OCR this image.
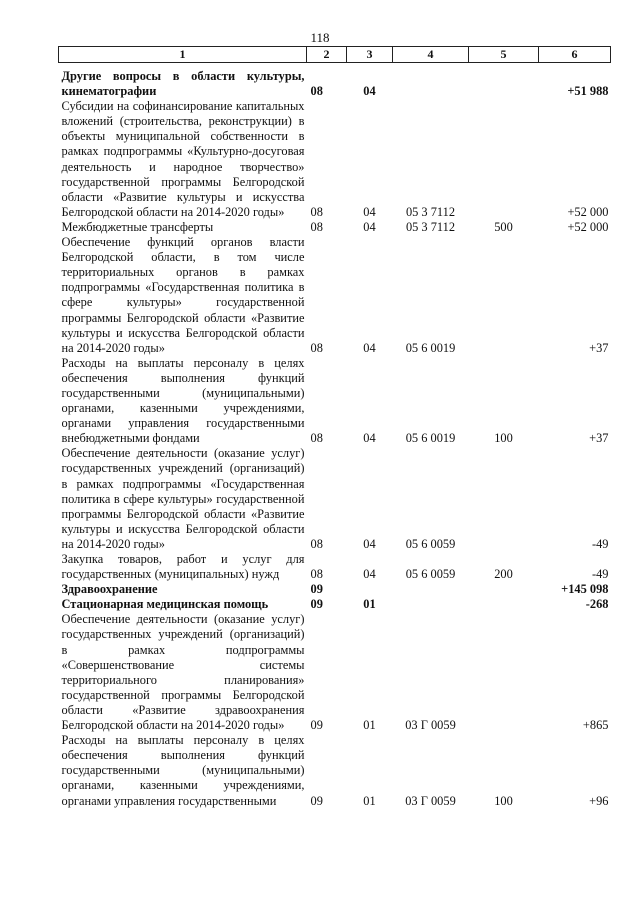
118
1	2	3	4	5	6
Другие вопросы в области культуры, кинематографии	08	04			+51 988
Субсидии на софинансирование капитальных вложений (строительства, реконструкции) в объекты муниципальной собственности в рамках подпрограммы «Культурно-досуговая деятельность и народное творчество» государственной программы Белгородской области «Развитие культуры и искусства Белгородской области на 2014-2020 годы»	08	04	05 3 7112		+52 000
Межбюджетные трансферты	08	04	05 3 7112	500	+52 000
Обеспечение функций органов власти Белгородской области, в том числе территориальных органов в рамках подпрограммы «Государственная политика в сфере культуры» государственной программы Белгородской области «Развитие культуры и искусства Белгородской области на 2014-2020 годы»	08	04	05 6 0019		+37
Расходы на выплаты персоналу в целях обеспечения выполнения функций государственными (муниципальными) органами, казенными учреждениями, органами управления государственными внебюджетными фондами	08	04	05 6 0019	100	+37
Обеспечение деятельности (оказание услуг) государственных учреждений (организаций) в рамках подпрограммы «Государственная политика в сфере культуры» государственной программы Белгородской области «Развитие культуры и искусства Белгородской области на 2014-2020 годы»	08	04	05 6 0059		-49
Закупка товаров, работ и услуг для государственных (муниципальных) нужд	08	04	05 6 0059	200	-49
Здравоохранение	09				+145 098
Стационарная медицинская помощь	09	01			-268
Обеспечение деятельности (оказание услуг) государственных учреждений (организаций) в рамках подпрограммы «Совершенствование системы территориального планирования» государственной программы Белгородской области «Развитие здравоохранения Белгородской области на 2014-2020 годы»	09	01	03 Г 0059		+865
Расходы на выплаты персоналу в целях обеспечения выполнения функций государственными (муниципальными) органами, казенными учреждениями, органами управления государственными	09	01	03 Г 0059	100	+96
